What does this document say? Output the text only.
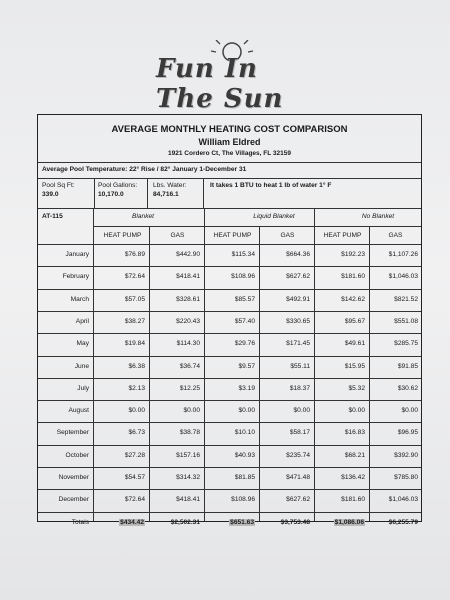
Fun In The Sun
AVERAGE MONTHLY HEATING COST COMPARISON
William Eldred
1921 Cordero Ct, The Villages, FL 32159
Average Pool Temperature: 22° Rise / 82° January 1-December 31
Pool Sq Ft:
339.0
Pool Gallons:
10,170.0
Lbs. Water:
84,716.1
It takes 1 BTU to heat 1 lb of water 1° F
AT-115	Blanket	Liquid Blanket	No Blanket
HEAT PUMP	GAS	HEAT PUMP	GAS	HEAT PUMP	GAS
January	$76.89	$442.90	$115.34	$664.36	$192.23	$1,107.26
February	$72.64	$418.41	$108.96	$627.62	$181.60	$1,046.03
March	$57.05	$328.61	$85.57	$492.91	$142.62	$821.52
April	$38.27	$220.43	$57.40	$330.65	$95.67	$551.08
May	$19.84	$114.30	$29.76	$171.45	$49.61	$285.75
June	$6.38	$36.74	$9.57	$55.11	$15.95	$91.85
July	$2.13	$12.25	$3.19	$18.37	$5.32	$30.62
August	$0.00	$0.00	$0.00	$0.00	$0.00	$0.00
September	$6.73	$38.78	$10.10	$58.17	$16.83	$96.95
October	$27.28	$157.16	$40.93	$235.74	$68.21	$392.90
November	$54.57	$314.32	$81.85	$471.48	$136.42	$785.80
December	$72.64	$418.41	$108.96	$627.62	$181.60	$1,046.03
Totals	$434.42	$2,502.31	$651.63	$3,753.48	$1,086.06	$6,255.79
